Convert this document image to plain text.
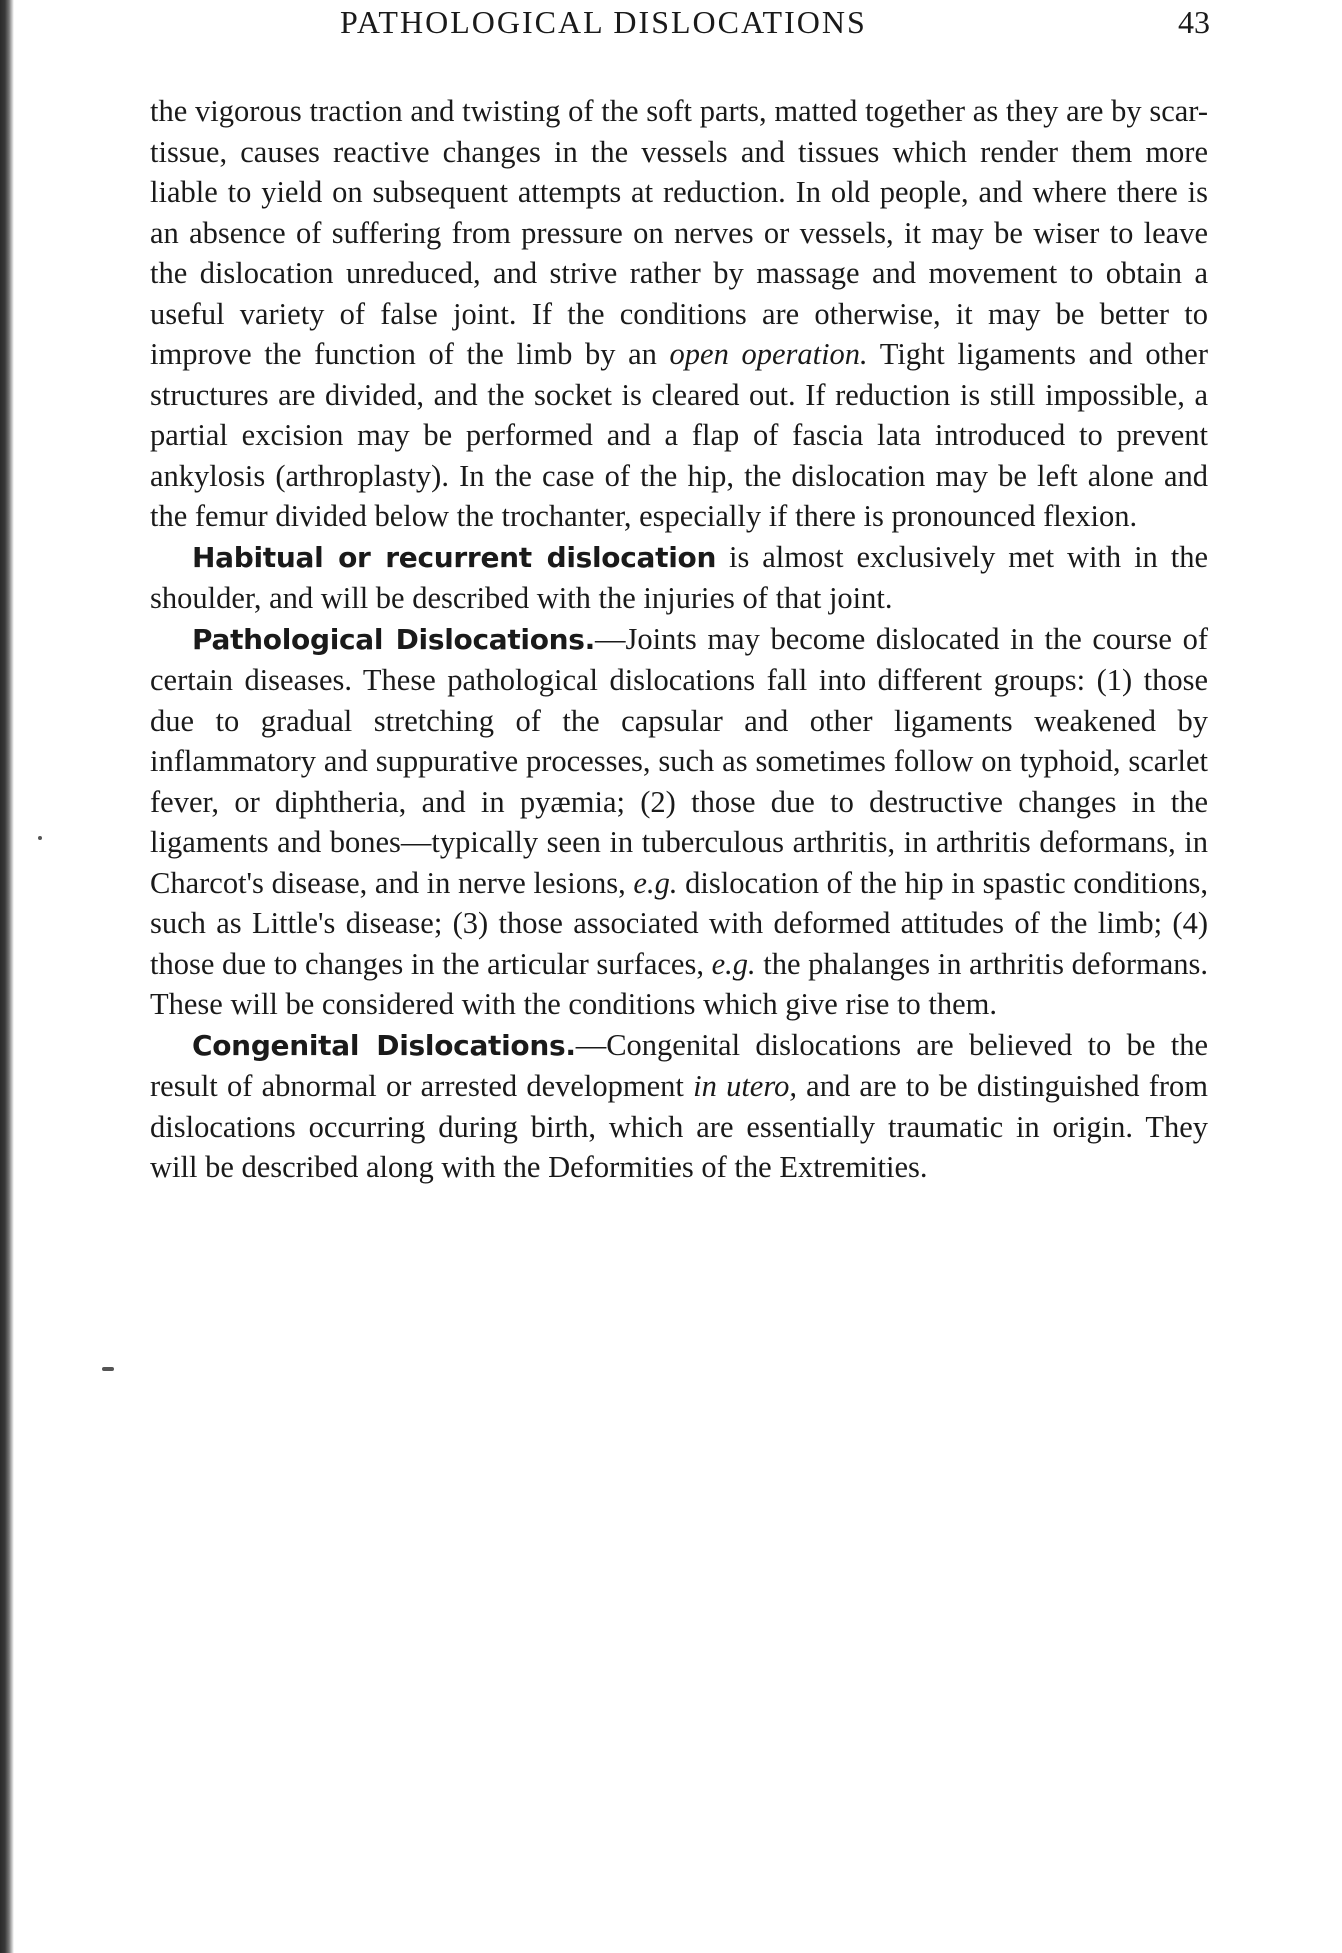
PATHOLOGICAL DISLOCATIONS	43

the vigorous traction and twisting of the soft parts, matted together as they are by scar-tissue, causes reactive changes in the vessels and tissues which render them more liable to yield on subsequent attempts at reduction. In old people, and where there is an absence of suffering from pressure on nerves or vessels, it may be wiser to leave the dislocation unreduced, and strive rather by massage and movement to obtain a useful variety of false joint. If the conditions are otherwise, it may be better to improve the function of the limb by an open operation. Tight ligaments and other structures are divided, and the socket is cleared out. If reduction is still impossible, a partial excision may be performed and a flap of fascia lata introduced to prevent ankylosis (arthroplasty). In the case of the hip, the dislocation may be left alone and the femur divided below the trochanter, especially if there is pronounced flexion.

Habitual or recurrent dislocation is almost exclusively met with in the shoulder, and will be described with the injuries of that joint.

Pathological Dislocations.—Joints may become dislocated in the course of certain diseases. These pathological dislocations fall into different groups: (1) those due to gradual stretching of the capsular and other ligaments weakened by inflammatory and suppurative processes, such as sometimes follow on typhoid, scarlet fever, or diphtheria, and in pyæmia; (2) those due to destructive changes in the ligaments and bones—typically seen in tuberculous arthritis, in arthritis deformans, in Charcot's disease, and in nerve lesions, e.g. dislocation of the hip in spastic conditions, such as Little's disease; (3) those associated with deformed attitudes of the limb; (4) those due to changes in the articular surfaces, e.g. the phalanges in arthritis deformans. These will be considered with the conditions which give rise to them.

Congenital Dislocations.—Congenital dislocations are believed to be the result of abnormal or arrested development in utero, and are to be distinguished from dislocations occurring during birth, which are essentially traumatic in origin. They will be described along with the Deformities of the Extremities.
